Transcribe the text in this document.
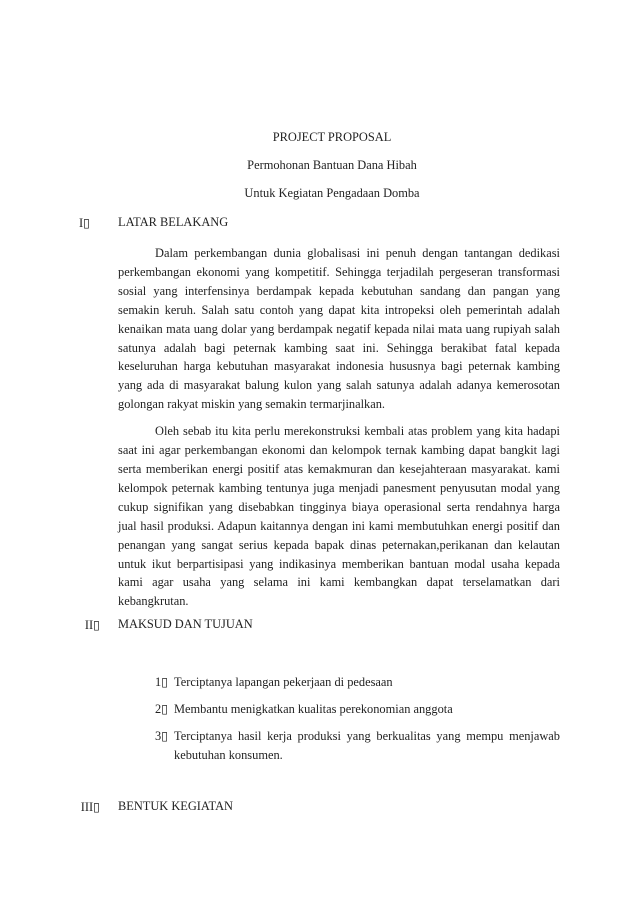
PROJECT PROPOSAL
Permohonan Bantuan Dana Hibah
Untuk Kegiatan Pengadaan Domba
I▯ LATAR BELAKANG

Dalam perkembangan dunia globalisasi ini penuh dengan tantangan dedikasi perkembangan ekonomi yang kompetitif. Sehingga terjadilah pergeseran transformasi sosial yang interfensinya berdampak kepada kebutuhan sandang dan pangan yang semakin keruh. Salah satu contoh yang dapat kita intropeksi oleh pemerintah adalah kenaikan mata uang dolar yang berdampak negatif kepada nilai mata uang rupiyah salah satunya adalah bagi peternak kambing saat ini. Sehingga berakibat fatal kepada keseluruhan harga kebutuhan masyarakat indonesia hususnya bagi peternak kambing yang ada di masyarakat balung kulon yang salah satunya adalah adanya kemerosotan golongan rakyat miskin yang semakin termarjinalkan.

Oleh sebab itu kita perlu merekonstruksi kembali atas problem yang kita hadapi saat ini agar perkembangan ekonomi dan kelompok ternak kambing dapat bangkit lagi serta memberikan energi positif atas kemakmuran dan kesejahteraan masyarakat. kami kelompok peternak kambing tentunya juga menjadi panesment penyusutan modal yang cukup signifikan yang disebabkan tingginya biaya operasional serta rendahnya harga jual hasil produksi. Adapun kaitannya dengan ini kami membutuhkan energi positif dan penangan yang sangat serius kepada bapak dinas peternakan,perikanan dan kelautan untuk ikut berpartisipasi yang indikasinya memberikan bantuan modal usaha kepada kami agar usaha yang selama ini kami kembangkan dapat terselamatkan dari kebangkrutan.

II▯ MAKSUD DAN TUJUAN
1▯ Terciptanya lapangan pekerjaan di pedesaan
2▯ Membantu menigkatkan kualitas perekonomian anggota
3▯ Terciptanya hasil kerja produksi yang berkualitas yang mempu menjawab kebutuhan konsumen.
III▯ BENTUK KEGIATAN
